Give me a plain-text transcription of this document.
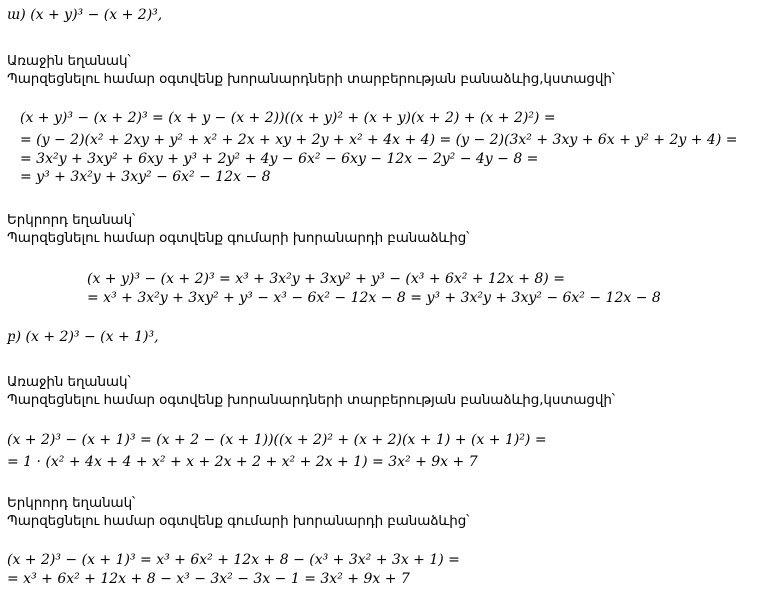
ա) (x + y)³ − (x + 2)³,
Առաջին եղանակ՝
Պարզեցնելու համար օգտվենք խորանարդների տարբերության բանաձևից,կստացվի՝
(x + y)³ − (x + 2)³ = (x + y − (x + 2))((x + y)² + (x + y)(x + 2) + (x + 2)²) =
= (y − 2)(x² + 2xy + y² + x² + 2x + xy + 2y + x² + 4x + 4) = (y − 2)(3x² + 3xy + 6x + y² + 2y + 4) =
= 3x²y + 3xy² + 6xy + y³ + 2y² + 4y − 6x² − 6xy − 12x − 2y² − 4y − 8 =
= y³ + 3x²y + 3xy² − 6x² − 12x − 8
Երկրորդ եղանակ՝
Պարզեցնելու համար օգտվենք գումարի խորանարդի բանաձևից՝
(x + y)³ − (x + 2)³ = x³ + 3x²y + 3xy² + y³ − (x³ + 6x² + 12x + 8) =
= x³ + 3x²y + 3xy² + y³ − x³ − 6x² − 12x − 8 = y³ + 3x²y + 3xy² − 6x² − 12x − 8
բ) (x + 2)³ − (x + 1)³,
Առաջին եղանակ՝
Պարզեցնելու համար օգտվենք խորանարդների տարբերության բանաձևից,կստացվի՝
(x + 2)³ − (x + 1)³ = (x + 2 − (x + 1))((x + 2)² + (x + 2)(x + 1) + (x + 1)²) =
= 1 · (x² + 4x + 4 + x² + x + 2x + 2 + x² + 2x + 1) = 3x² + 9x + 7
Երկրորդ եղանակ՝
Պարզեցնելու համար օգտվենք գումարի խորանարդի բանաձևից՝
(x + 2)³ − (x + 1)³ = x³ + 6x² + 12x + 8 − (x³ + 3x² + 3x + 1) =
= x³ + 6x² + 12x + 8 − x³ − 3x² − 3x − 1 = 3x² + 9x + 7
